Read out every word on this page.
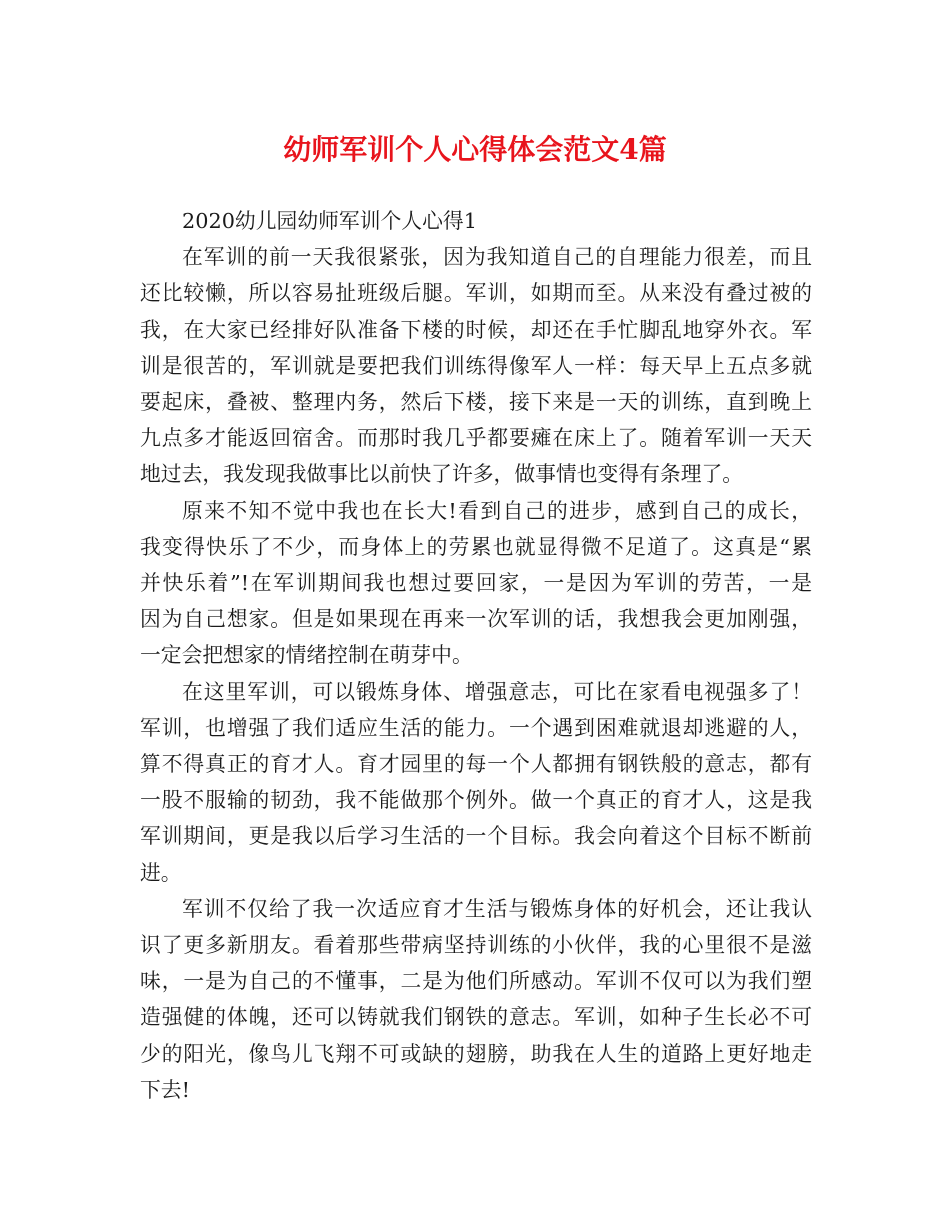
幼师军训个人心得体会范文4篇

2020幼儿园幼师军训个人心得1

在军训的前一天我很紧张，因为我知道自己的自理能力很差，而且
还比较懒，所以容易扯班级后腿。军训，如期而至。从来没有叠过被的
我，在大家已经排好队准备下楼的时候，却还在手忙脚乱地穿外衣。军
训是很苦的，军训就是要把我们训练得像军人一样：每天早上五点多就
要起床，叠被、整理内务，然后下楼，接下来是一天的训练，直到晚上
九点多才能返回宿舍。而那时我几乎都要瘫在床上了。随着军训一天天
地过去，我发现我做事比以前快了许多，做事情也变得有条理了。
原来不知不觉中我也在长大!看到自己的进步，感到自己的成长，
我变得快乐了不少，而身体上的劳累也就显得微不足道了。这真是“累
并快乐着”!在军训期间我也想过要回家，一是因为军训的劳苦，一是
因为自己想家。但是如果现在再来一次军训的话，我想我会更加刚强，
一定会把想家的情绪控制在萌芽中。
在这里军训，可以锻炼身体、增强意志，可比在家看电视强多了！
军训，也增强了我们适应生活的能力。一个遇到困难就退却逃避的人，
算不得真正的育才人。育才园里的每一个人都拥有钢铁般的意志，都有
一股不服输的韧劲，我不能做那个例外。做一个真正的育才人，这是我
军训期间，更是我以后学习生活的一个目标。我会向着这个目标不断前
进。
军训不仅给了我一次适应育才生活与锻炼身体的好机会，还让我认
识了更多新朋友。看着那些带病坚持训练的小伙伴，我的心里很不是滋
味，一是为自己的不懂事，二是为他们所感动。军训不仅可以为我们塑
造强健的体魄，还可以铸就我们钢铁的意志。军训，如种子生长必不可
少的阳光，像鸟儿飞翔不可或缺的翅膀，助我在人生的道路上更好地走
下去!
